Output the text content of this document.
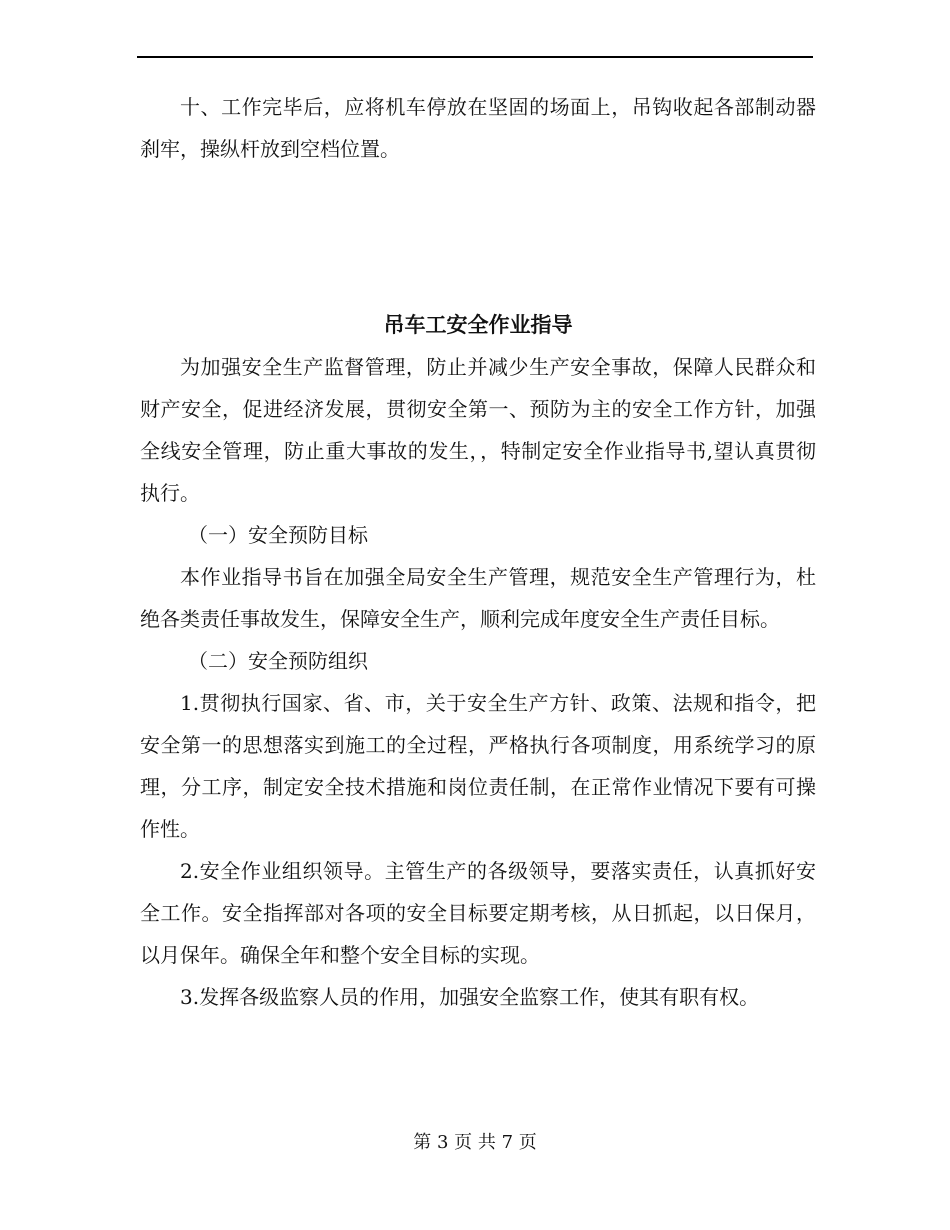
十、工作完毕后，应将机车停放在坚固的场面上，吊钩收起各部制动器刹牢，操纵杆放到空档位置。

吊车工安全作业指导

为加强安全生产监督管理，防止并减少生产安全事故，保障人民群众和财产安全，促进经济发展，贯彻安全第一、预防为主的安全工作方针，加强全线安全管理，防止重大事故的发生，，特制定安全作业指导书,望认真贯彻执行。

（一）安全预防目标

本作业指导书旨在加强全局安全生产管理，规范安全生产管理行为，杜绝各类责任事故发生，保障安全生产，顺利完成年度安全生产责任目标。

（二）安全预防组织

1.贯彻执行国家、省、市，关于安全生产方针、政策、法规和指令，把安全第一的思想落实到施工的全过程，严格执行各项制度，用系统学习的原理，分工序，制定安全技术措施和岗位责任制，在正常作业情况下要有可操作性。

2.安全作业组织领导。主管生产的各级领导，要落实责任，认真抓好安全工作。安全指挥部对各项的安全目标要定期考核，从日抓起，以日保月，以月保年。确保全年和整个安全目标的实现。

3.发挥各级监察人员的作用，加强安全监察工作，使其有职有权。

第 3 页 共 7 页
